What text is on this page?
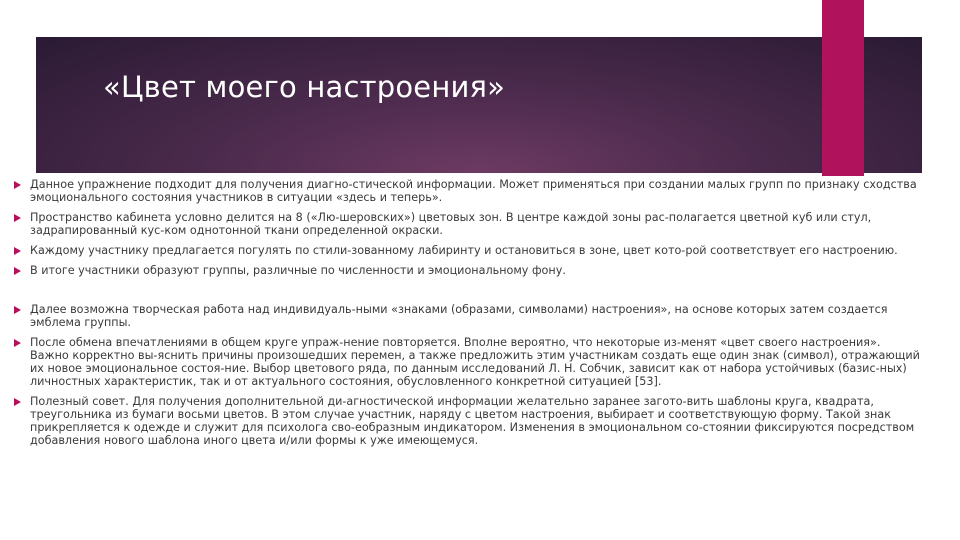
«Цвет моего настроения»

Данное упражнение подходит для получения диагно-стической информации. Может применяться при создании малых групп по признаку сходства эмоционального состояния участников в ситуации «здесь и теперь».

Пространство кабинета условно делится на 8 («Лю-шеровских») цветовых зон. В центре каждой зоны рас-полагается цветной куб или стул, задрапированный кус-ком однотонной ткани определенной окраски.

Каждому участнику предлагается погулять по стили-зованному лабиринту и остановиться в зоне, цвет кото-рой соответствует его настроению.

В итоге участники образуют группы, различные по численности и эмоциональному фону.

Далее возможна творческая работа над индивидуаль-ными «знаками (образами, символами) настроения», на основе которых затем создается эмблема группы.

После обмена впечатлениями в общем круге упраж-нение повторяется. Вполне вероятно, что некоторые из-менят «цвет своего настроения». Важно корректно вы-яснить причины произошедших перемен, а также предложить этим участникам создать еще один знак (символ), отражающий их новое эмоциональное состоя-ние. Выбор цветового ряда, по данным исследований Л. Н. Собчик, зависит как от набора устойчивых (базис-ных) личностных характеристик, так и от актуального состояния, обусловленного конкретной ситуацией [53].

Полезный совет. Для получения дополнительной ди-агностической информации желательно заранее загото-вить шаблоны круга, квадрата, треугольника из бумаги восьми цветов. В этом случае участник, наряду с цветом настроения, выбирает и соответствующую форму. Такой знак прикрепляется к одежде и служит для психолога сво-еобразным индикатором. Изменения в эмоциональном со-стоянии фиксируются посредством добавления нового шаблона иного цвета и/или формы к уже имеющемуся.
